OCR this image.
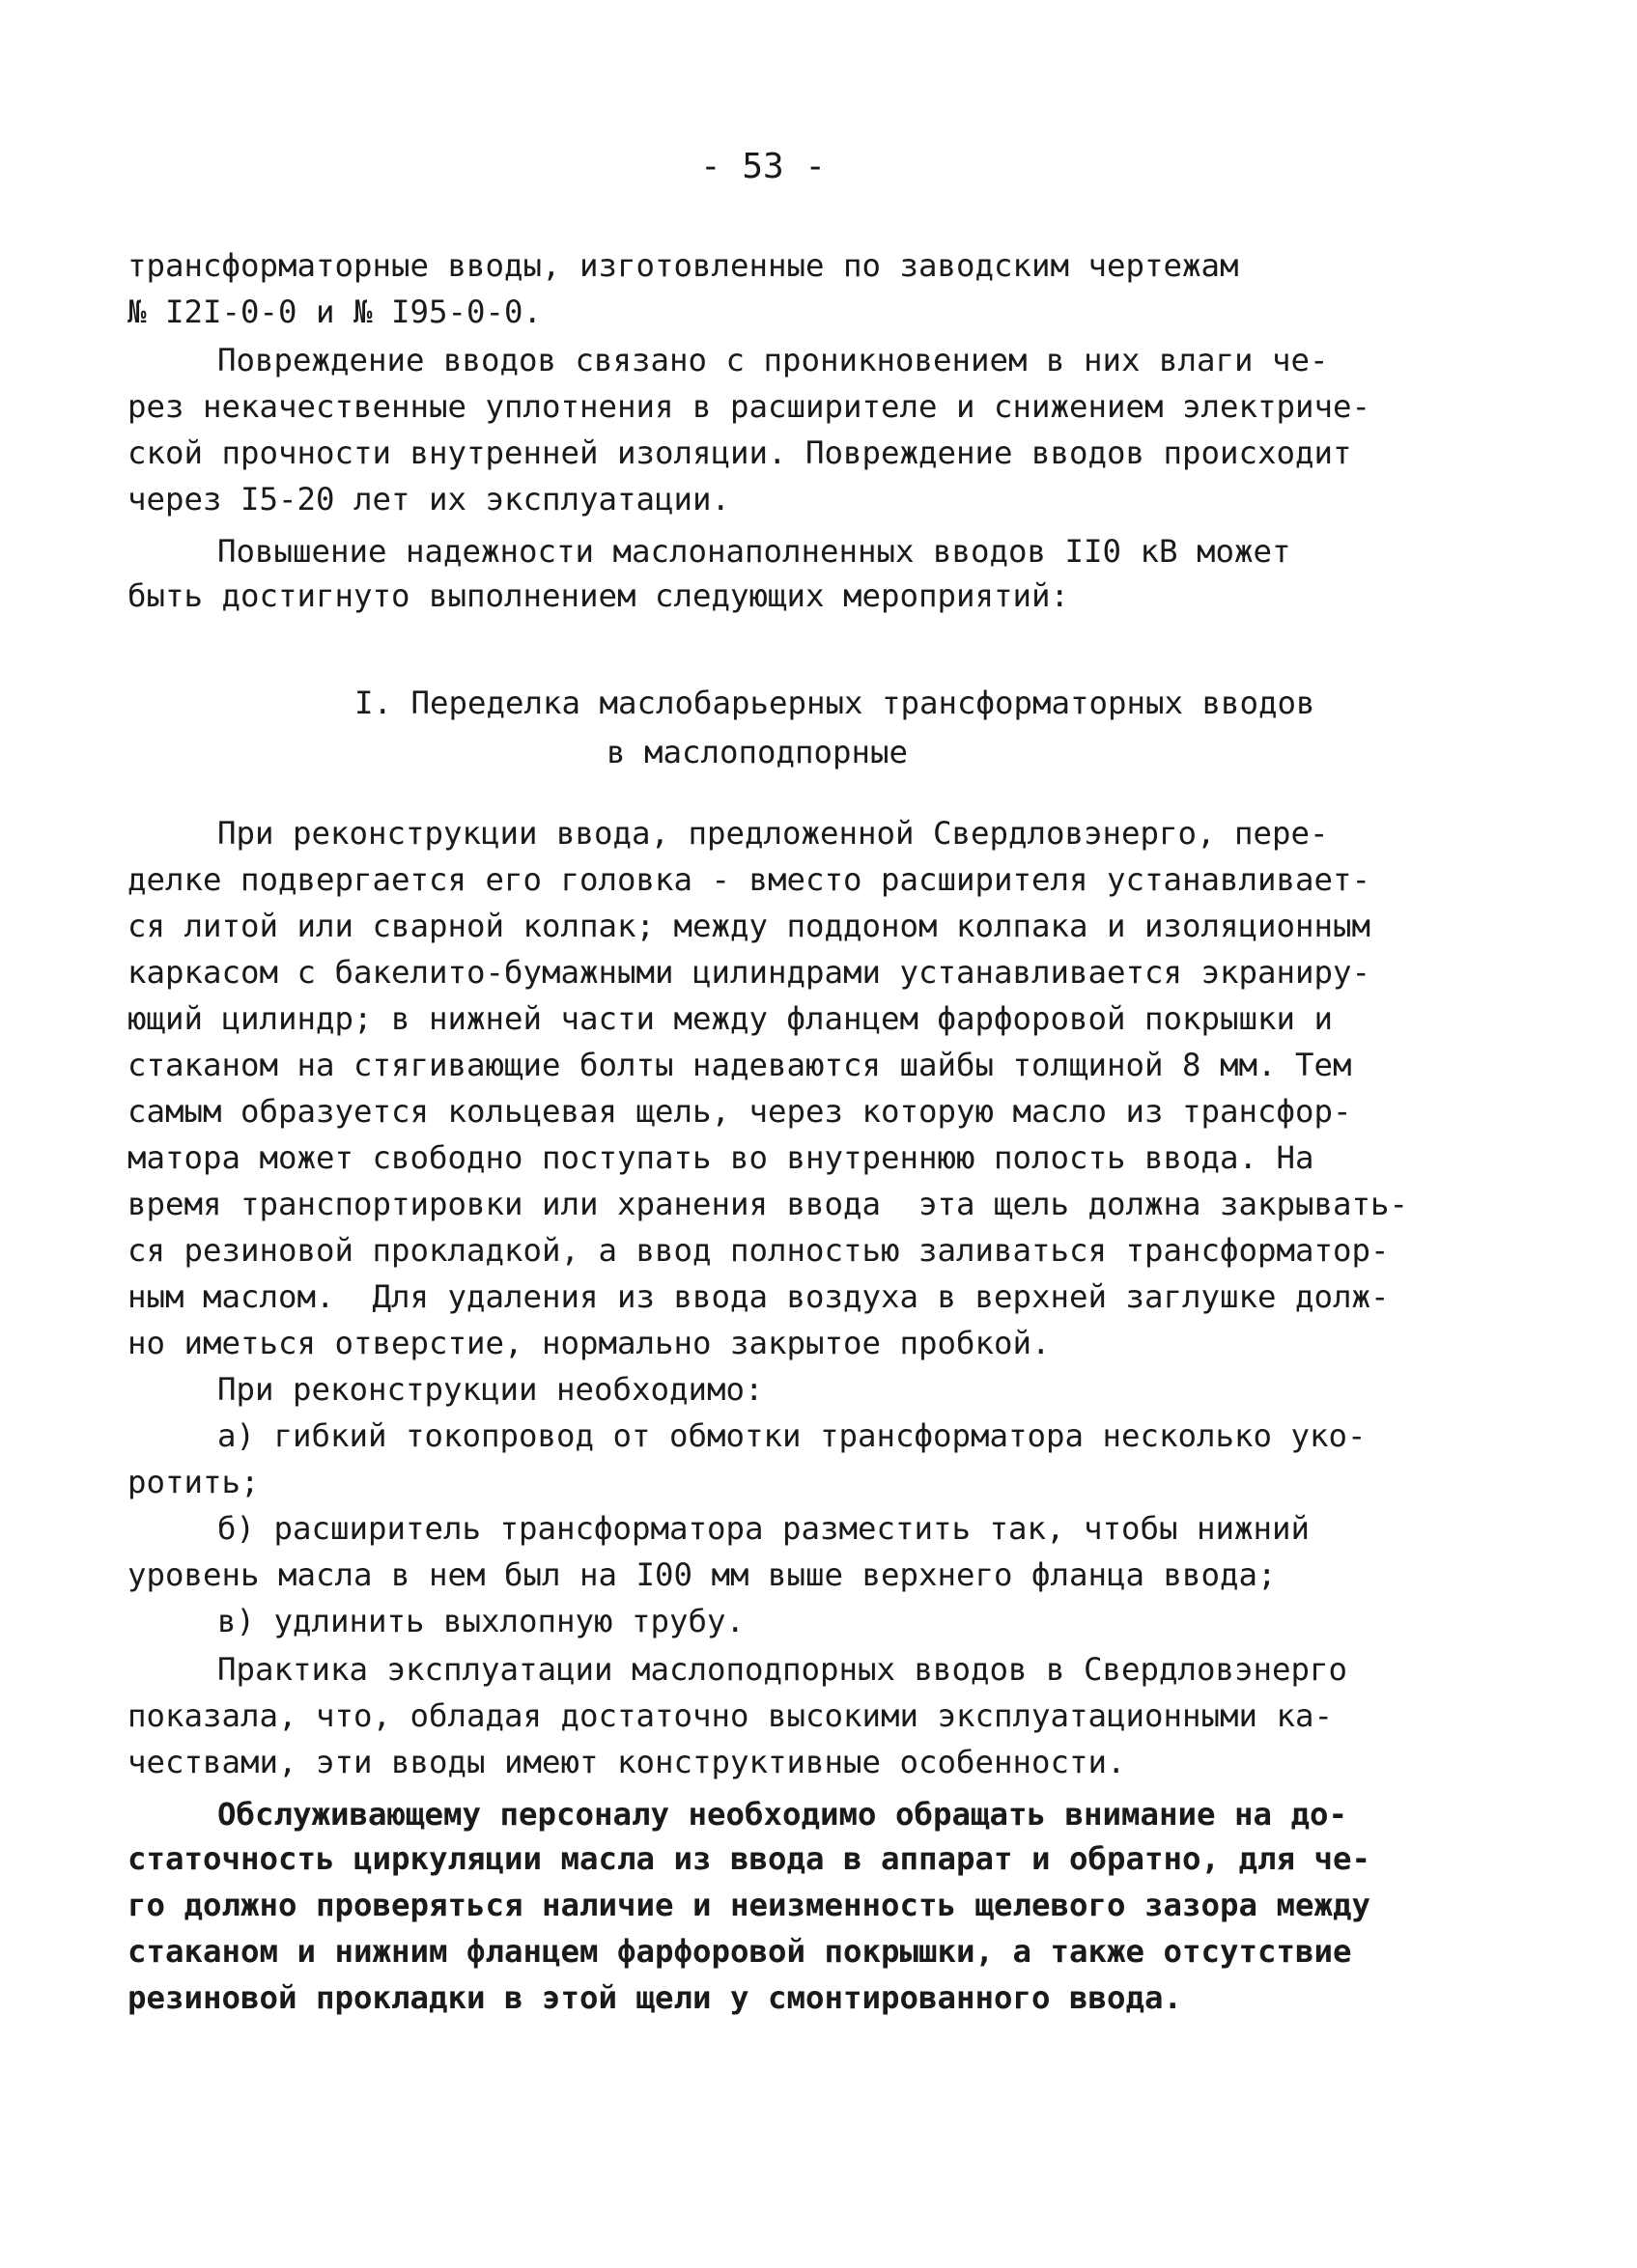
- 53 -
трансформаторные вводы, изготовленные по заводским чертежам
№ I2I-0-0 и № I95-0-0.
Повреждение вводов связано с проникновением в них влаги че-
рез некачественные уплотнения в расширителе и снижением электриче-
ской прочности внутренней изоляции. Повреждение вводов происходит
через I5-20 лет их эксплуатации.
Повышение надежности маслонаполненных вводов II0 кВ может
быть достигнуто выполнением следующих мероприятий:
I. Переделка маслобарьерных трансформаторных вводов
в маслоподпорные
При реконструкции ввода, предложенной Свердловэнерго, пере-
делке подвергается его головка - вместо расширителя устанавливает-
ся литой или сварной колпак; между поддоном колпака и изоляционным
каркасом с бакелито-бумажными цилиндрами устанавливается экраниру-
ющий цилиндр; в нижней части между фланцем фарфоровой покрышки и
стаканом на стягивающие болты надеваются шайбы толщиной 8 мм. Тем
самым образуется кольцевая щель, через которую масло из трансфор-
матора может свободно поступать во внутреннюю полость ввода. На
время транспортировки или хранения ввода  эта щель должна закрывать-
ся резиновой прокладкой, а ввод полностью заливаться трансформатор-
ным маслом.  Для удаления из ввода воздуха в верхней заглушке долж-
но иметься отверстие, нормально закрытое пробкой.
При реконструкции необходимо:
а) гибкий токопровод от обмотки трансформатора несколько уко-
ротить;
б) расширитель трансформатора разместить так, чтобы нижний
уровень масла в нем был на I00 мм выше верхнего фланца ввода;
в) удлинить выхлопную трубу.
Практика эксплуатации маслоподпорных вводов в Свердловэнерго
показала, что, обладая достаточно высокими эксплуатационными ка-
чествами, эти вводы имеют конструктивные особенности.
Обслуживающему персоналу необходимо обращать внимание на до-
статочность циркуляции масла из ввода в аппарат и обратно, для че-
го должно проверяться наличие и неизменность щелевого зазора между
стаканом и нижним фланцем фарфоровой покрышки, а также отсутствие
резиновой прокладки в этой щели у смонтированного ввода.
